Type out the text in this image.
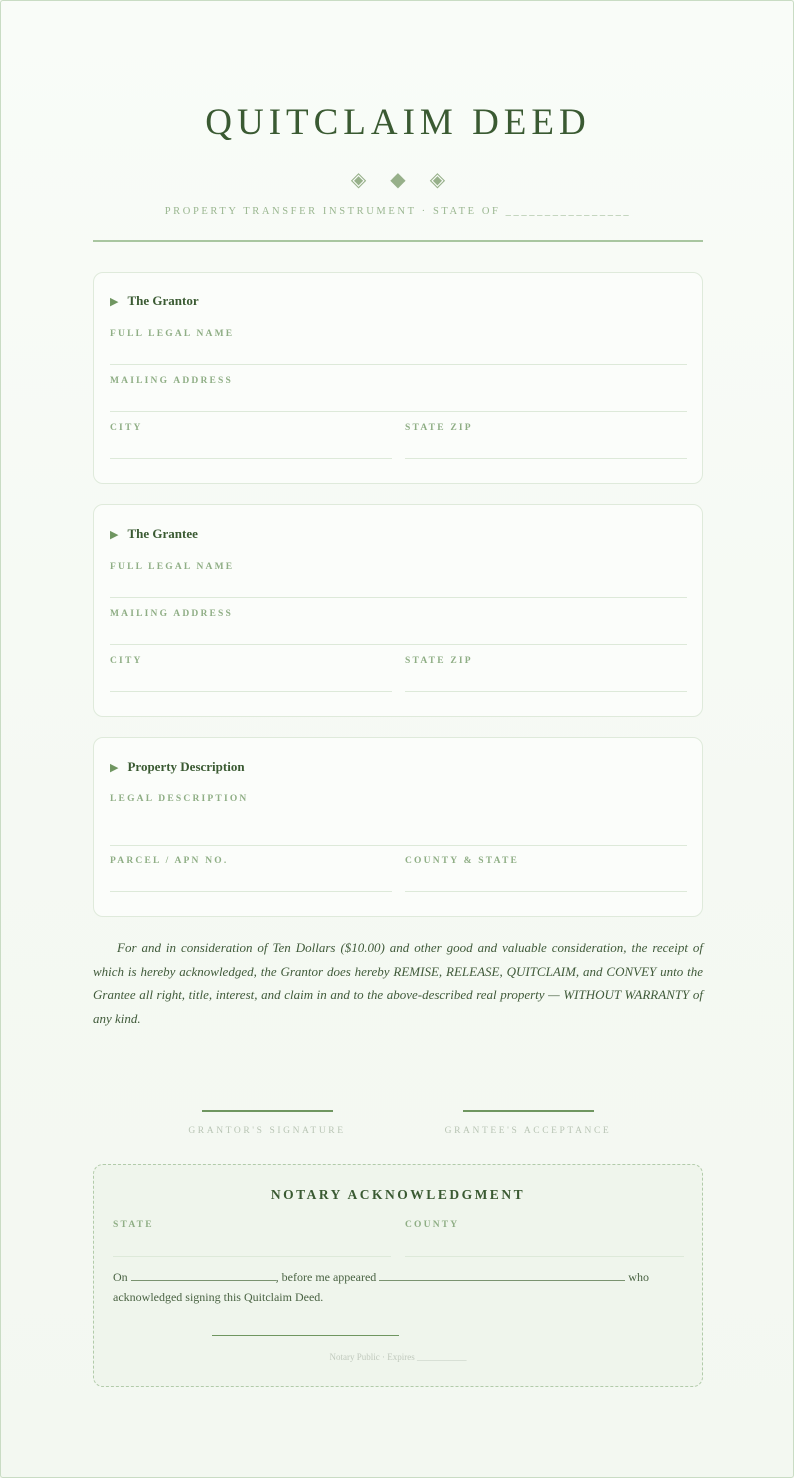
QUITCLAIM DEED
◈ ◆ ◈
PROPERTY TRANSFER INSTRUMENT · STATE OF ________________
▶ The Grantor
FULL LEGAL NAME
MAILING ADDRESS
CITY	STATE ZIP
▶ The Grantee
FULL LEGAL NAME
MAILING ADDRESS
CITY	STATE ZIP
▶ Property Description
LEGAL DESCRIPTION
PARCEL / APN NO.	COUNTY & STATE

For and in consideration of Ten Dollars ($10.00) and other good and valuable consideration, the receipt of which is hereby acknowledged, the Grantor does hereby REMISE, RELEASE, QUITCLAIM, and CONVEY unto the Grantee all right, title, interest, and claim in and to the above-described real property — WITHOUT WARRANTY of any kind.

GRANTOR'S SIGNATURE	GRANTEE'S ACCEPTANCE
NOTARY ACKNOWLEDGMENT
STATE	COUNTY
On	, before me appeared	who acknowledged signing this Quitclaim Deed.
Notary Public · Expires ___________
